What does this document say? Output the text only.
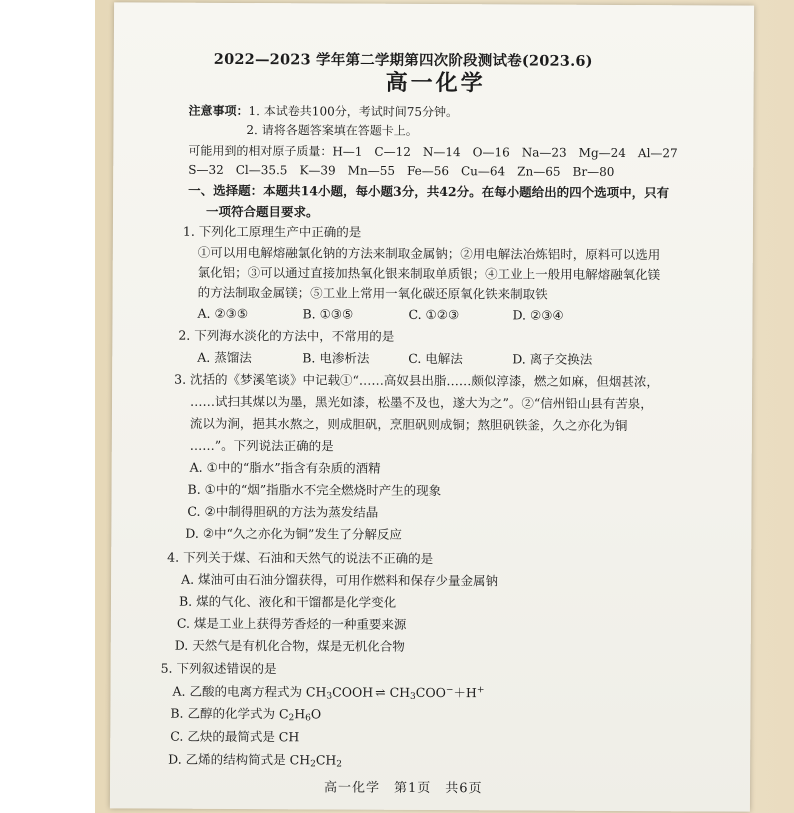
2022—2023 学年第二学期第四次阶段测试卷(2023.6)
高一化学
注意事项：1. 本试卷共100分，考试时间75分钟。
2. 请将各题答案填在答题卡上。
可能用到的相对原子质量：H—1　C—12　N—14　O—16　Na—23　Mg—24　Al—27
S—32　Cl—35.5　K—39　Mn—55　Fe—56　Cu—64　Zn—65　Br—80
一、选择题：本题共14小题，每小题3分，共42分。在每小题给出的四个选项中，只有
一项符合题目要求。
1. 下列化工原理生产中正确的是
①可以用电解熔融氯化钠的方法来制取金属钠；②用电解法冶炼铝时，原料可以选用
氯化铝；③可以通过直接加热氧化银来制取单质银；④工业上一般用电解熔融氧化镁
的方法制取金属镁；⑤工业上常用一氧化碳还原氧化铁来制取铁
A. ②③⑤	B. ①③⑤	C. ①②③	D. ②③④
2. 下列海水淡化的方法中，不常用的是
A. 蒸馏法	B. 电渗析法	C. 电解法	D. 离子交换法
3. 沈括的《梦溪笔谈》中记载①“……高奴县出脂……颇似淳漆，燃之如麻，但烟甚浓，
……试扫其煤以为墨，黑光如漆，松墨不及也，遂大为之”。②“信州铅山县有苦泉，
流以为涧，挹其水熬之，则成胆矾，烹胆矾则成铜；熬胆矾铁釜，久之亦化为铜
……”。下列说法正确的是
A. ①中的“脂水”指含有杂质的酒精
B. ①中的“烟”指脂水不完全燃烧时产生的现象
C. ②中制得胆矾的方法为蒸发结晶
D. ②中“久之亦化为铜”发生了分解反应
4. 下列关于煤、石油和天然气的说法不正确的是
A. 煤油可由石油分馏获得，可用作燃料和保存少量金属钠
B. 煤的气化、液化和干馏都是化学变化
C. 煤是工业上获得芳香烃的一种重要来源
D. 天然气是有机化合物，煤是无机化合物
5. 下列叙述错误的是
A. 乙酸的电离方程式为 $CH_3COOH$ ⇌ $CH_3COO^-+H^+$
B. 乙醇的化学式为 $C_2H_6O$
C. 乙炔的最简式是 CH
D. 乙烯的结构简式是 $CH_2CH_2$
高一化学　第1页　共6页
